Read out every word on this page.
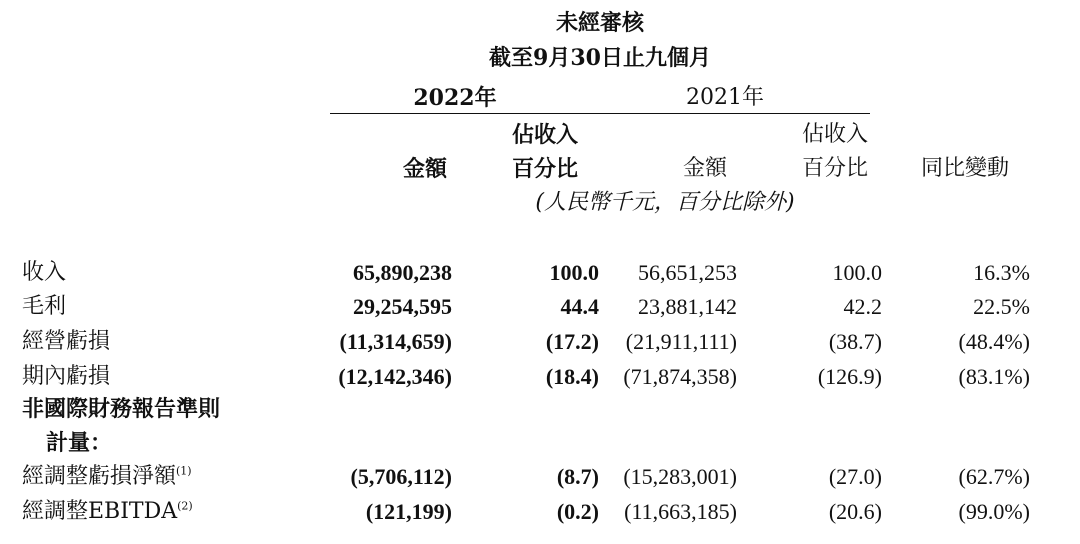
未經審核
截至9月30日止九個月
2022年	2021年
佔收入	佔收入
金額	百分比	金額	百分比	同比變動
(人民幣千元，百分比除外)
收入	65,890,238	100.0	56,651,253	100.0	16.3%
毛利	29,254,595	44.4	23,881,142	42.2	22.5%
經營虧損	(11,314,659)	(17.2)	(21,911,111)	(38.7)	(48.4%)
期內虧損	(12,142,346)	(18.4)	(71,874,358)	(126.9)	(83.1%)
非國際財務報告準則
計量：
經調整虧損淨額$^{(1)}$	(5,706,112)	(8.7)	(15,283,001)	(27.0)	(62.7%)
經調整EBITDA$^{(2)}$	(121,199)	(0.2)	(11,663,185)	(20.6)	(99.0%)
